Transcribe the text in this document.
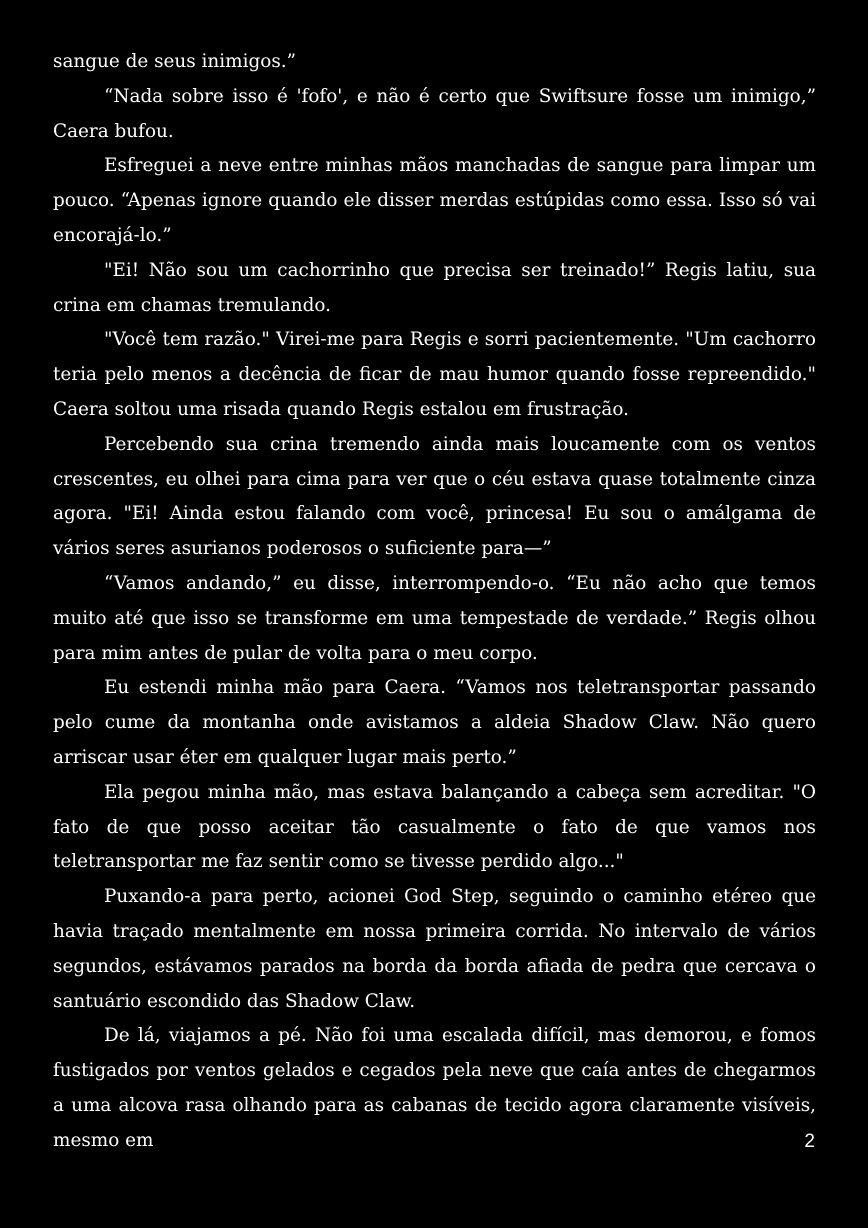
sangue de seus inimigos.”

“Nada sobre isso é 'fofo', e não é certo que Swiftsure fosse um inimigo,” Caera bufou.

Esfreguei a neve entre minhas mãos manchadas de sangue para limpar um pouco. “Apenas ignore quando ele disser merdas estúpidas como essa. Isso só vai encorajá-lo.”

"Ei! Não sou um cachorrinho que precisa ser treinado!” Regis latiu, sua crina em chamas tremulando.

"Você tem razão." Virei-me para Regis e sorri pacientemente. "Um cachorro teria pelo menos a decência de ficar de mau humor quando fosse repreendido." Caera soltou uma risada quando Regis estalou em frustração.

Percebendo sua crina tremendo ainda mais loucamente com os ventos crescentes, eu olhei para cima para ver que o céu estava quase totalmente cinza agora. "Ei! Ainda estou falando com você, princesa! Eu sou o amálgama de vários seres asurianos poderosos o suficiente para—”

“Vamos andando,” eu disse, interrompendo-o. “Eu não acho que temos muito até que isso se transforme em uma tempestade de verdade.” Regis olhou para mim antes de pular de volta para o meu corpo.

Eu estendi minha mão para Caera. “Vamos nos teletransportar passando pelo cume da montanha onde avistamos a aldeia Shadow Claw. Não quero arriscar usar éter em qualquer lugar mais perto.”

Ela pegou minha mão, mas estava balançando a cabeça sem acreditar. "O fato de que posso aceitar tão casualmente o fato de que vamos nos teletransportar me faz sentir como se tivesse perdido algo..."

Puxando-a para perto, acionei God Step, seguindo o caminho etéreo que havia traçado mentalmente em nossa primeira corrida. No intervalo de vários segundos, estávamos parados na borda da borda afiada de pedra que cercava o santuário escondido das Shadow Claw.

De lá, viajamos a pé. Não foi uma escalada difícil, mas demorou, e fomos fustigados por ventos gelados e cegados pela neve que caía antes de chegarmos a uma alcova rasa olhando para as cabanas de tecido agora claramente visíveis, mesmo em	2
